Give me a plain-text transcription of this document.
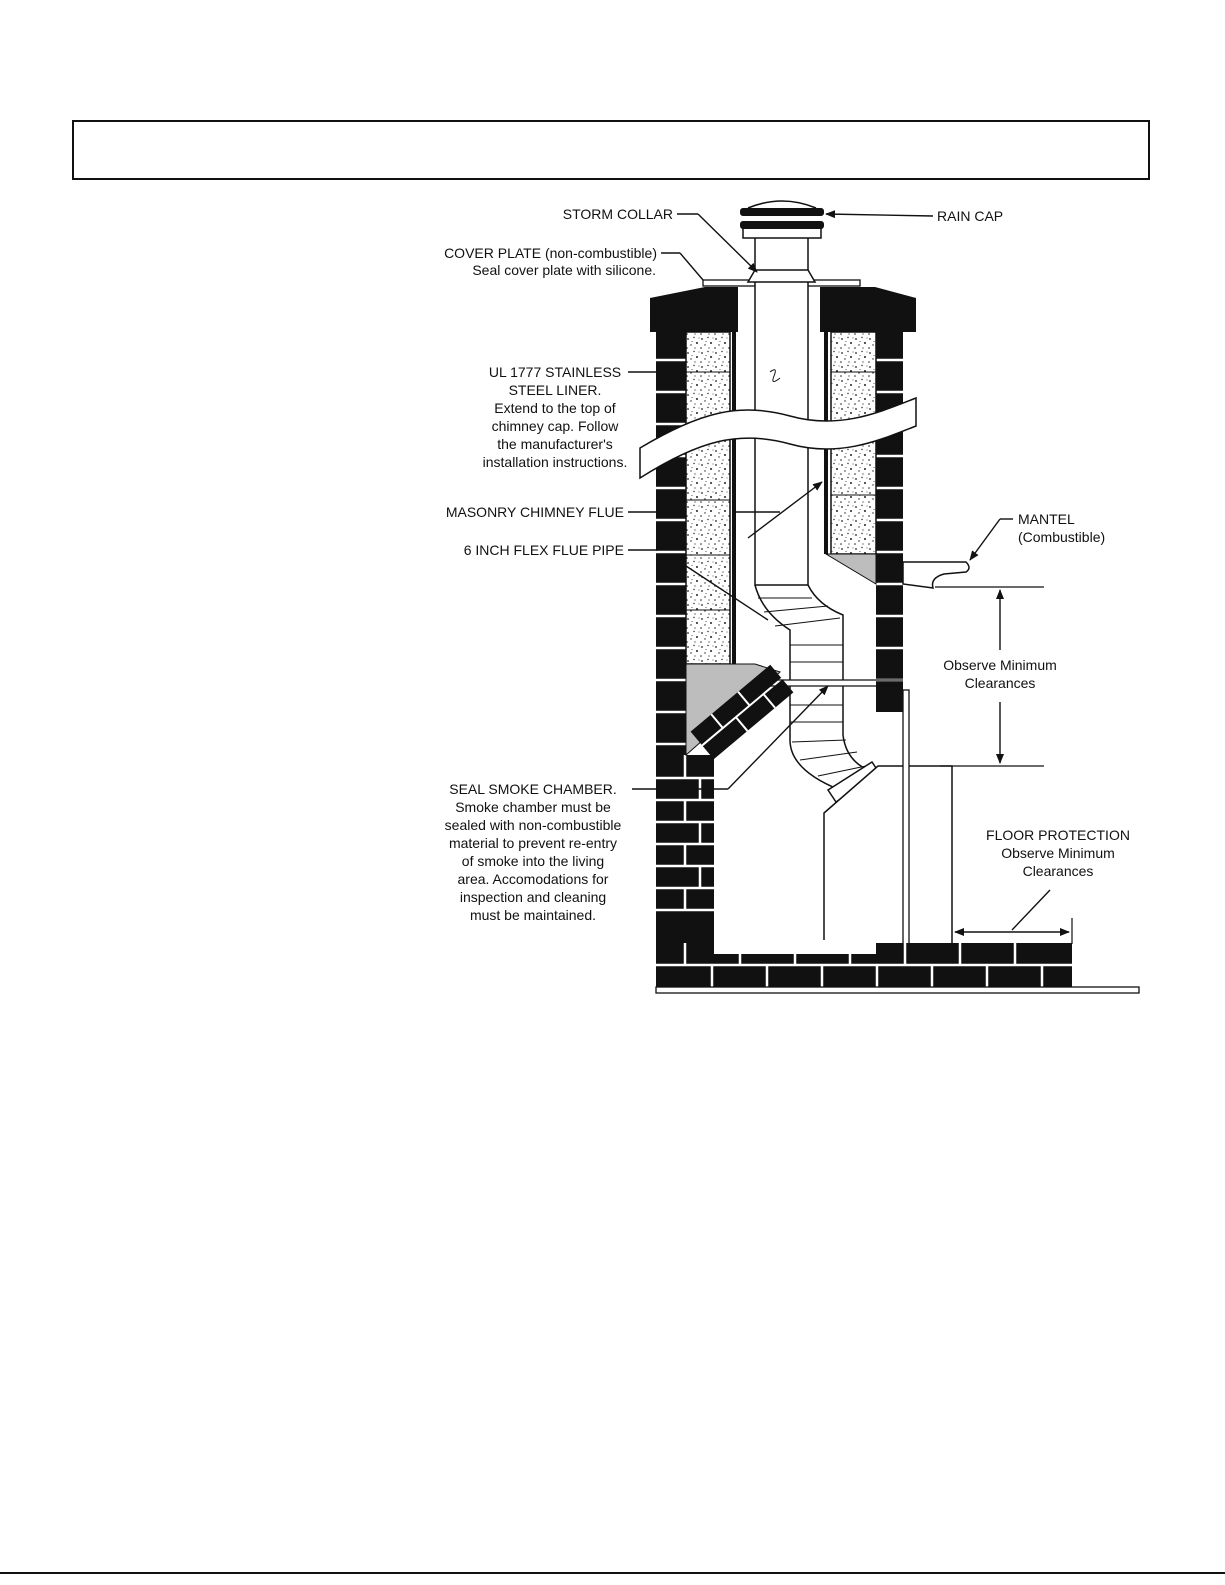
STORM COLLAR	RAIN CAP
COVER PLATE (non-combustible)
Seal cover plate with silicone.
UL 1777 STAINLESS
STEEL LINER.
Extend to the top of
chimney cap. Follow
the manufacturer's
installation instructions.
MASONRY CHIMNEY FLUE
6 INCH FLEX FLUE PIPE
MANTEL
(Combustible)
Observe Minimum
Clearances
SEAL SMOKE CHAMBER.
Smoke chamber must be
sealed with non-combustible
material to prevent re-entry
of smoke into the living
area. Accomodations for
inspection and cleaning
must be maintained.
FLOOR PROTECTION
Observe Minimum
Clearances
